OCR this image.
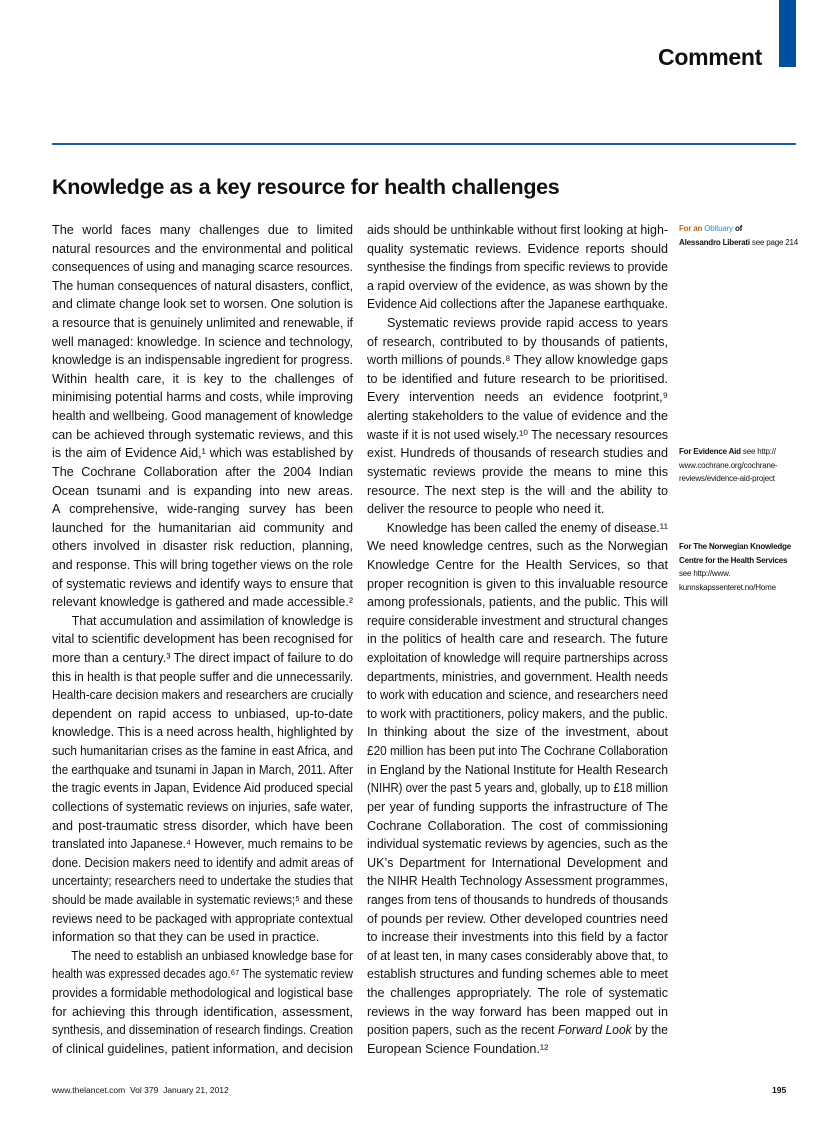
Comment
Knowledge as a key resource for health challenges
The world faces many challenges due to limited
natural resources and the environmental and political
consequences of using and managing scarce resources.
The human consequences of natural disasters, conflict,
and climate change look set to worsen. One solution is
a resource that is genuinely unlimited and renewable, if
well managed: knowledge. In science and technology,
knowledge is an indispensable ingredient for progress.
Within health care, it is key to the challenges of
minimising potential harms and costs, while improving
health and wellbeing. Good management of knowledge
can be achieved through systematic reviews, and this
is the aim of Evidence Aid,¹ which was established by
The Cochrane Collaboration after the 2004 Indian
Ocean tsunami and is expanding into new areas.
A comprehensive, wide-ranging survey has been
launched for the humanitarian aid community and
others involved in disaster risk reduction, planning,
and response. This will bring together views on the role
of systematic reviews and identify ways to ensure that
relevant knowledge is gathered and made accessible.²
That accumulation and assimilation of knowledge is
vital to scientific development has been recognised for
more than a century.³ The direct impact of failure to do
this in health is that people suffer and die unnecessarily.
Health-care decision makers and researchers are crucially
dependent on rapid access to unbiased, up-to-date
knowledge. This is a need across health, highlighted by
such humanitarian crises as the famine in east Africa, and
the earthquake and tsunami in Japan in March, 2011. After
the tragic events in Japan, Evidence Aid produced special
collections of systematic reviews on injuries, safe water,
and post-traumatic stress disorder, which have been
translated into Japanese.⁴ However, much remains to be
done. Decision makers need to identify and admit areas of
uncertainty; researchers need to undertake the studies that
should be made available in systematic reviews;⁵ and these
reviews need to be packaged with appropriate contextual
information so that they can be used in practice.
The need to establish an unbiased knowledge base for
health was expressed decades ago.⁶⁷ The systematic review
provides a formidable methodological and logistical base
for achieving this through identification, assessment,
synthesis, and dissemination of research findings. Creation
of clinical guidelines, patient information, and decision
aids should be unthinkable without first looking at high-
quality systematic reviews. Evidence reports should
synthesise the findings from specific reviews to provide
a rapid overview of the evidence, as was shown by the
Evidence Aid collections after the Japanese earthquake.
Systematic reviews provide rapid access to years
of research, contributed to by thousands of patients,
worth millions of pounds.⁸ They allow knowledge gaps
to be identified and future research to be prioritised.
Every intervention needs an evidence footprint,⁹
alerting stakeholders to the value of evidence and the
waste if it is not used wisely.¹⁰ The necessary resources
exist. Hundreds of thousands of research studies and
systematic reviews provide the means to mine this
resource. The next step is the will and the ability to
deliver the resource to people who need it.
Knowledge has been called the enemy of disease.¹¹
We need knowledge centres, such as the Norwegian
Knowledge Centre for the Health Services, so that
proper recognition is given to this invaluable resource
among professionals, patients, and the public. This will
require considerable investment and structural changes
in the politics of health care and research. The future
exploitation of knowledge will require partnerships across
departments, ministries, and government. Health needs
to work with education and science, and researchers need
to work with practitioners, policy makers, and the public.
In thinking about the size of the investment, about
£20 million has been put into The Cochrane Collaboration
in England by the National Institute for Health Research
(NIHR) over the past 5 years and, globally, up to £18 million
per year of funding supports the infrastructure of The
Cochrane Collaboration. The cost of commissioning
individual systematic reviews by agencies, such as the
UK’s Department for International Development and
the NIHR Health Technology Assessment programmes,
ranges from tens of thousands to hundreds of thousands
of pounds per review. Other developed countries need
to increase their investments into this field by a factor
of at least ten, in many cases considerably above that, to
establish structures and funding schemes able to meet
the challenges appropriately. The role of systematic
reviews in the way forward has been mapped out in
position papers, such as the recent Forward Look by the
European Science Foundation.¹²
For an Obituary of
Alessandro Liberati see page 214
For Evidence Aid see http://
www.cochrane.org/cochrane-
reviews/evidence-aid-project
For The Norwegian Knowledge
Centre for the Health Services
see http://www.
kunnskapssenteret.no/Home
www.thelancet.com Vol 379 January 21, 2012	195
